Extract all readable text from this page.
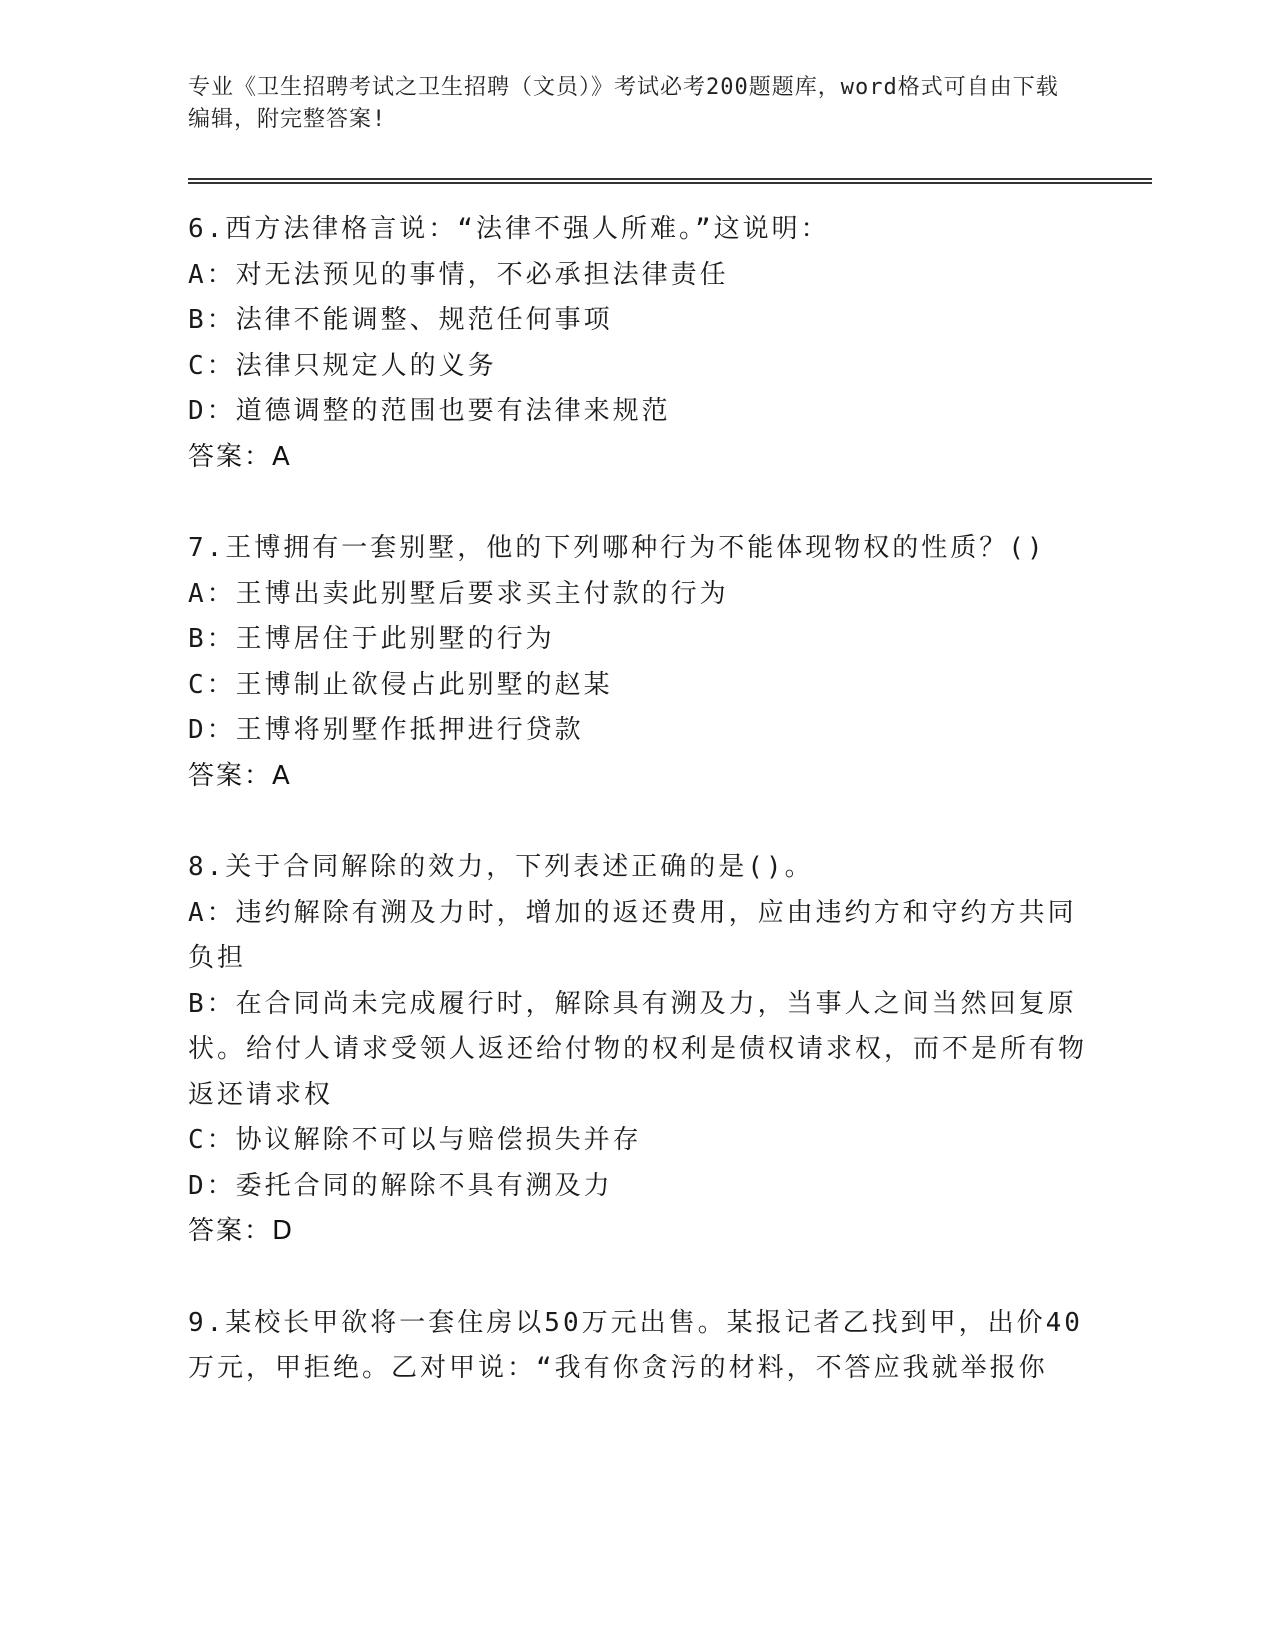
专业《卫生招聘考试之卫生招聘（文员）》考试必考200题题库，word格式可自由下载编辑，附完整答案!
6.西方法律格言说：“法律不强人所难。”这说明：
A：对无法预见的事情，不必承担法律责任
B：法律不能调整、规范任何事项
C：法律只规定人的义务
D：道德调整的范围也要有法律来规范
答案：A
7.王博拥有一套别墅，他的下列哪种行为不能体现物权的性质？()
A：王博出卖此别墅后要求买主付款的行为
B：王博居住于此别墅的行为
C：王博制止欲侵占此别墅的赵某
D：王博将别墅作抵押进行贷款
答案：A
8.关于合同解除的效力，下列表述正确的是()。
A：违约解除有溯及力时，增加的返还费用，应由违约方和守约方共同负担
B：在合同尚未完成履行时，解除具有溯及力，当事人之间当然回复原状。给付人请求受领人返还给付物的权利是债权请求权，而不是所有物返还请求权
C：协议解除不可以与赔偿损失并存
D：委托合同的解除不具有溯及力
答案：D
9.某校长甲欲将一套住房以50万元出售。某报记者乙找到甲，出价40万元，甲拒绝。乙对甲说：“我有你贪污的材料，不答应我就举报你
